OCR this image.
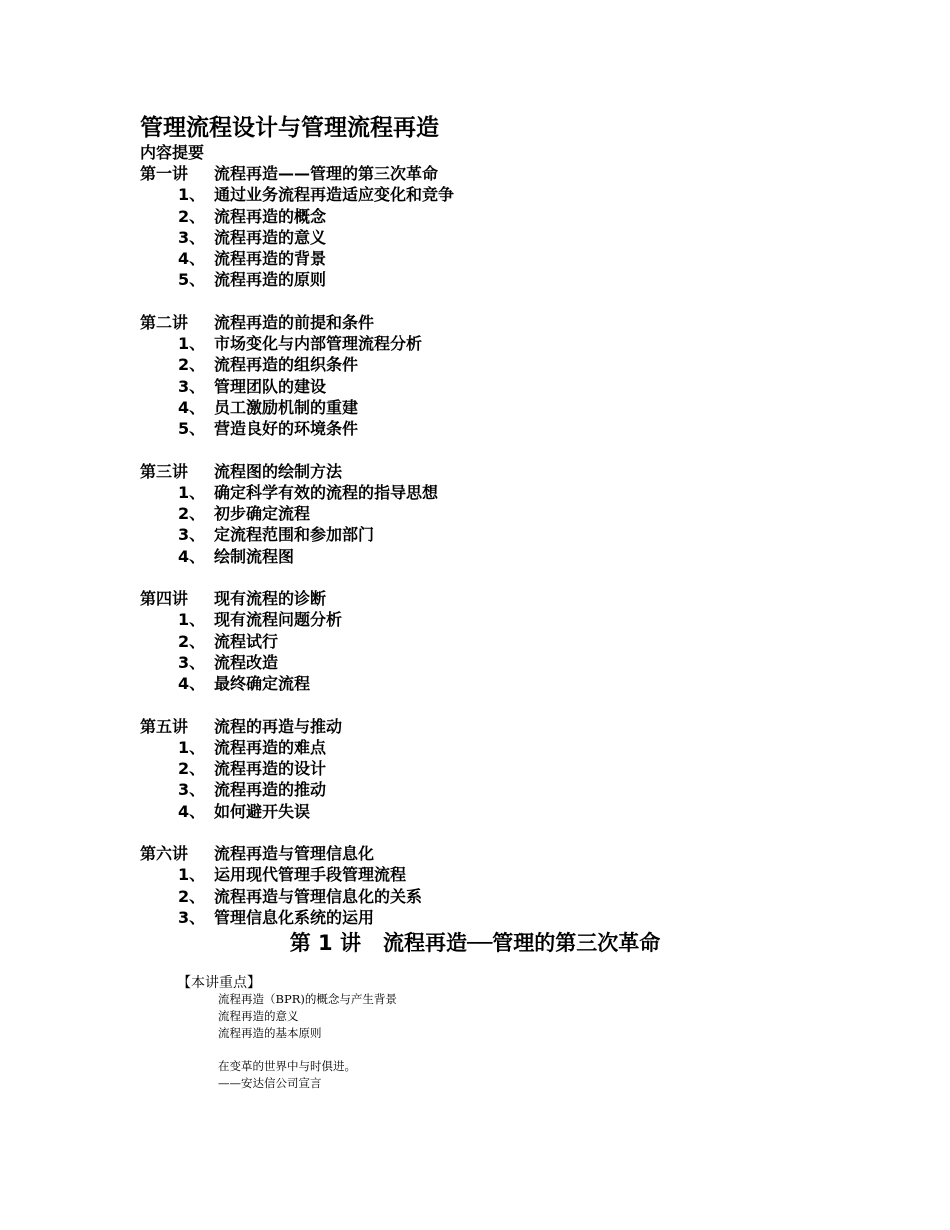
管理流程设计与管理流程再造
内容提要
第一讲 流程再造——管理的第三次革命
1、 通过业务流程再造适应变化和竞争
2、 流程再造的概念
3、 流程再造的意义
4、 流程再造的背景
5、 流程再造的原则
第二讲 流程再造的前提和条件
1、 市场变化与内部管理流程分析
2、 流程再造的组织条件
3、 管理团队的建设
4、 员工激励机制的重建
5、 营造良好的环境条件
第三讲 流程图的绘制方法
1、 确定科学有效的流程的指导思想
2、 初步确定流程
3、 定流程范围和参加部门
4、 绘制流程图
第四讲 现有流程的诊断
1、 现有流程问题分析
2、 流程试行
3、 流程改造
4、 最终确定流程
第五讲 流程的再造与推动
1、 流程再造的难点
2、 流程再造的设计
3、 流程再造的推动
4、 如何避开失误
第六讲 流程再造与管理信息化
1、 运用现代管理手段管理流程
2、 流程再造与管理信息化的关系
3、 管理信息化系统的运用
第 1 讲 流程再造──管理的第三次革命
【本讲重点】
流程再造（BPR)的概念与产生背景
流程再造的意义
流程再造的基本原则
在变革的世界中与时俱进。
——安达信公司宣言
